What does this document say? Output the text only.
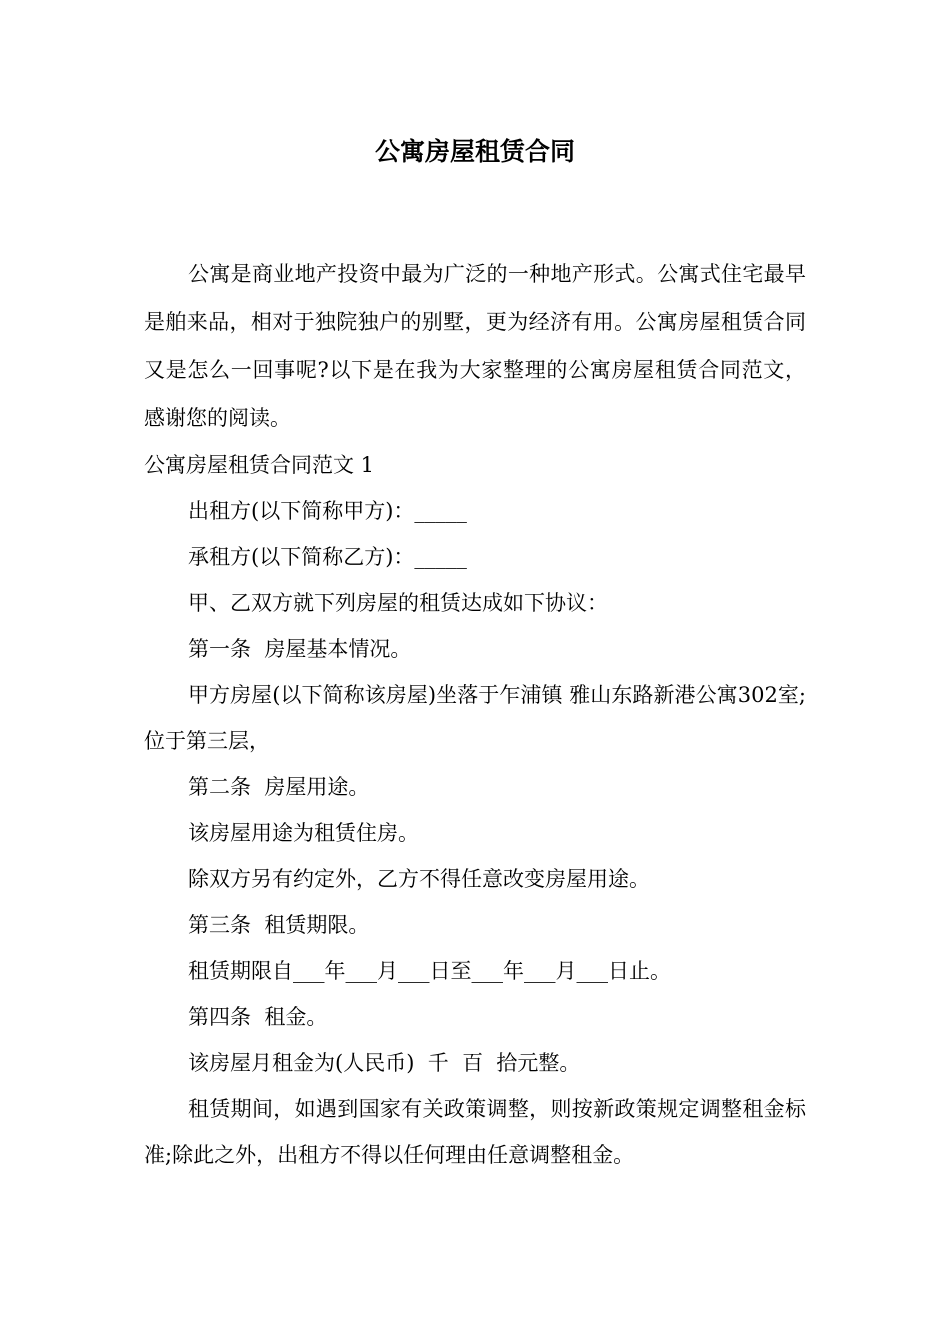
公寓房屋租赁合同

公寓是商业地产投资中最为广泛的一种地产形式。公寓式住宅最早是舶来品，相对于独院独户的别墅，更为经济有用。公寓房屋租赁合同又是怎么一回事呢?以下是在我为大家整理的公寓房屋租赁合同范文，感谢您的阅读。

公寓房屋租赁合同范文 1

出租方(以下简称甲方)：_____

承租方(以下简称乙方)：_____

甲、乙双方就下列房屋的租赁达成如下协议：

第一条  房屋基本情况。

甲方房屋(以下简称该房屋)坐落于乍浦镇 雅山东路新港公寓302室;位于第三层，

第二条  房屋用途。

该房屋用途为租赁住房。

除双方另有约定外，乙方不得任意改变房屋用途。

第三条  租赁期限。

租赁期限自___年___月___日至___年___月___日止。

第四条  租金。

该房屋月租金为(人民币)  千  百  拾元整。

租赁期间，如遇到国家有关政策调整，则按新政策规定调整租金标准;除此之外，出租方不得以任何理由任意调整租金。
